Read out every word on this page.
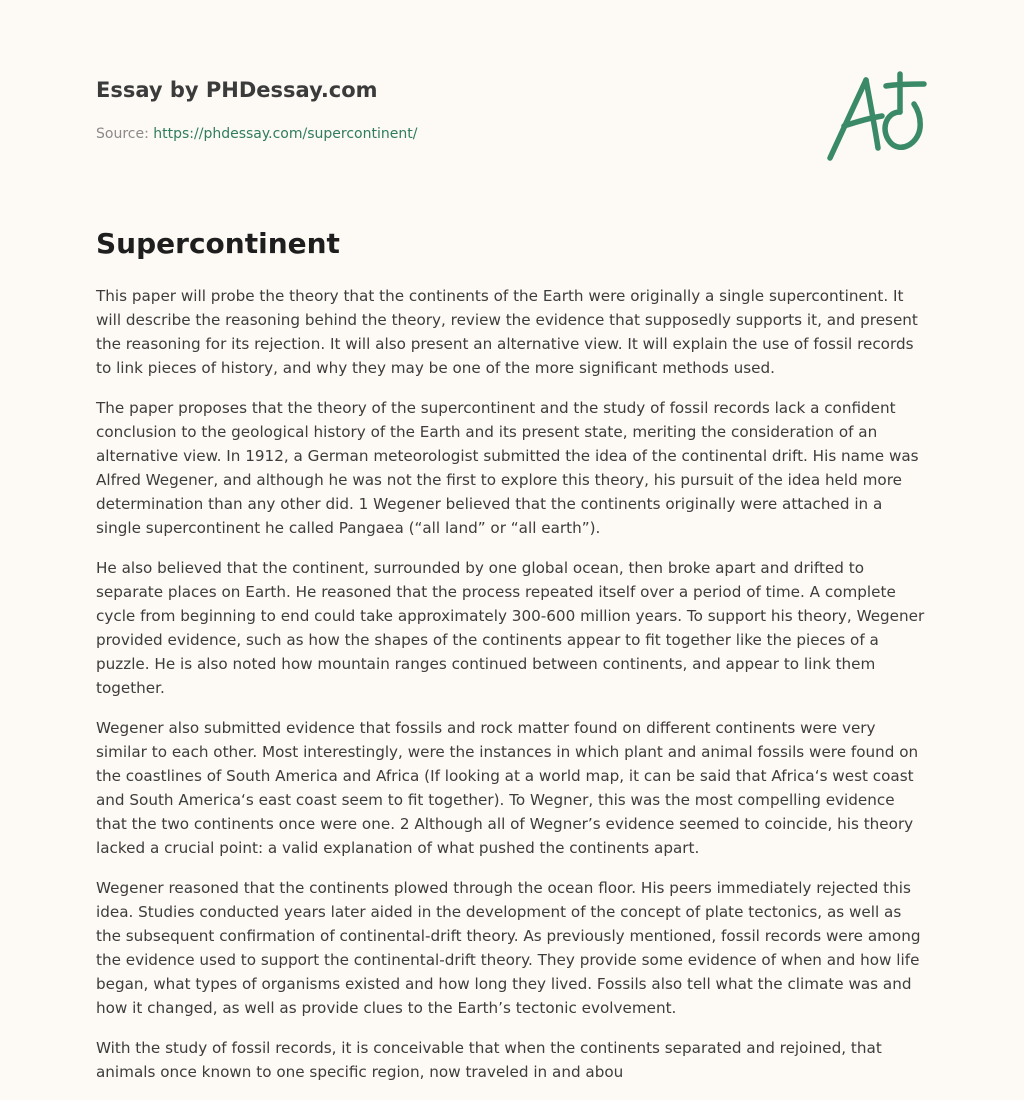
Essay by PHDessay.com
Source: https://phdessay.com/supercontinent/
Supercontinent

This paper will probe the theory that the continents of the Earth were originally a single supercontinent. It will describe the reasoning behind the theory, review the evidence that supposedly supports it, and present the reasoning for its rejection. It will also present an alternative view. It will explain the use of fossil records to link pieces of history, and why they may be one of the more significant methods used.

The paper proposes that the theory of the supercontinent and the study of fossil records lack a confident conclusion to the geological history of the Earth and its present state, meriting the consideration of an alternative view. In 1912, a German meteorologist submitted the idea of the continental drift. His name was Alfred Wegener, and although he was not the first to explore this theory, his pursuit of the idea held more determination than any other did. 1 Wegener believed that the continents originally were attached in a single supercontinent he called Pangaea (“all land” or “all earth”).

He also believed that the continent, surrounded by one global ocean, then broke apart and drifted to separate places on Earth. He reasoned that the process repeated itself over a period of time. A complete cycle from beginning to end could take approximately 300-600 million years. To support his theory, Wegener provided evidence, such as how the shapes of the continents appear to fit together like the pieces of a puzzle. He is also noted how mountain ranges continued between continents, and appear to link them together.

Wegener also submitted evidence that fossils and rock matter found on different continents were very similar to each other. Most interestingly, were the instances in which plant and animal fossils were found on the coastlines of South America and Africa (If looking at a world map, it can be said that Africa‘s west coast and South America‘s east coast seem to fit together). To Wegner, this was the most compelling evidence that the two continents once were one. 2 Although all of Wegner’s evidence seemed to coincide, his theory lacked a crucial point: a valid explanation of what pushed the continents apart.

Wegener reasoned that the continents plowed through the ocean floor. His peers immediately rejected this idea. Studies conducted years later aided in the development of the concept of plate tectonics, as well as the subsequent confirmation of continental-drift theory. As previously mentioned, fossil records were among the evidence used to support the continental-drift theory. They provide some evidence of when and how life began, what types of organisms existed and how long they lived. Fossils also tell what the climate was and how it changed, as well as provide clues to the Earth’s tectonic evolvement.

With the study of fossil records, it is conceivable that when the continents separated and rejoined, that animals once known to one specific region, now traveled in and abou
